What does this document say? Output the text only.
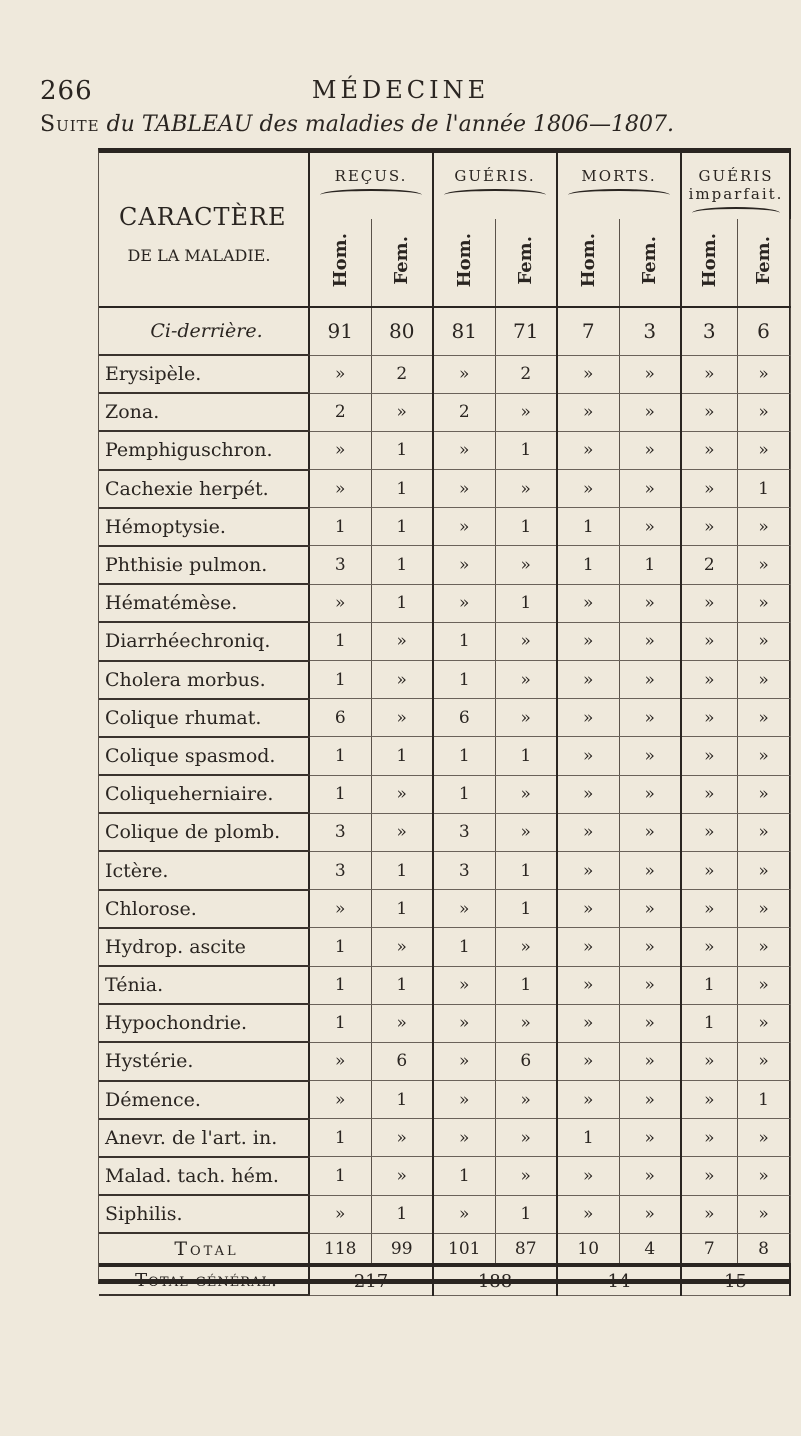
266	MÉDECINE
Suite du TABLEAU des maladies de l'année 1806—1807.
CARACTÈRE
DE LA MALADIE.	REÇUS.		GUÉRIS.		MORTS.		GUÉRIS imparfait.	

	Hom.	Fem.	Hom.	Fem.	Hom.	Fem.	Hom.	Fem.
Ci-derrière.	91	80	81	71	7	3	3	6
Erysipèle.	»	2	»	2	»	»	»	»
Zona.	2	»	2	»	»	»	»	»
Pemphiguschron.	»	1	»	1	»	»	»	»
Cachexie herpét.	»	1	»	»	»	»	»	1
Hémoptysie.	1	1	»	1	1	»	»	»
Phthisie pulmon.	3	1	»	»	1	1	2	»
Hématémèse.	»	1	»	1	»	»	»	»
Diarrhéechroniq.	1	»	1	»	»	»	»	»
Cholera morbus.	1	»	1	»	»	»	»	»
Colique rhumat.	6	»	6	»	»	»	»	»
Colique spasmod.	1	1	1	1	»	»	»	»
Coliqueherniaire.	1	»	1	»	»	»	»	»
Colique de plomb.	3	»	3	»	»	»	»	»
Ictère.	3	1	3	1	»	»	»	»
Chlorose.	»	1	»	1	»	»	»	»
Hydrop. ascite	1	»	1	»	»	»	»	»
Ténia.	1	1	»	1	»	»	1	»
Hypochondrie.	1	»	»	»	»	»	1	»
Hystérie.	»	6	»	6	»	»	»	»
Démence.	»	1	»	»	»	»	»	1
Anevr. de l'art. in.	1	»	»	»	1	»	»	»
Malad. tach. hém.	1	»	1	»	»	»	»	»
Siphilis.	»	1	»	1	»	»	»	»
Total	118	99	101	87	10	4	7	8
Total général.	217		188		14		15	
